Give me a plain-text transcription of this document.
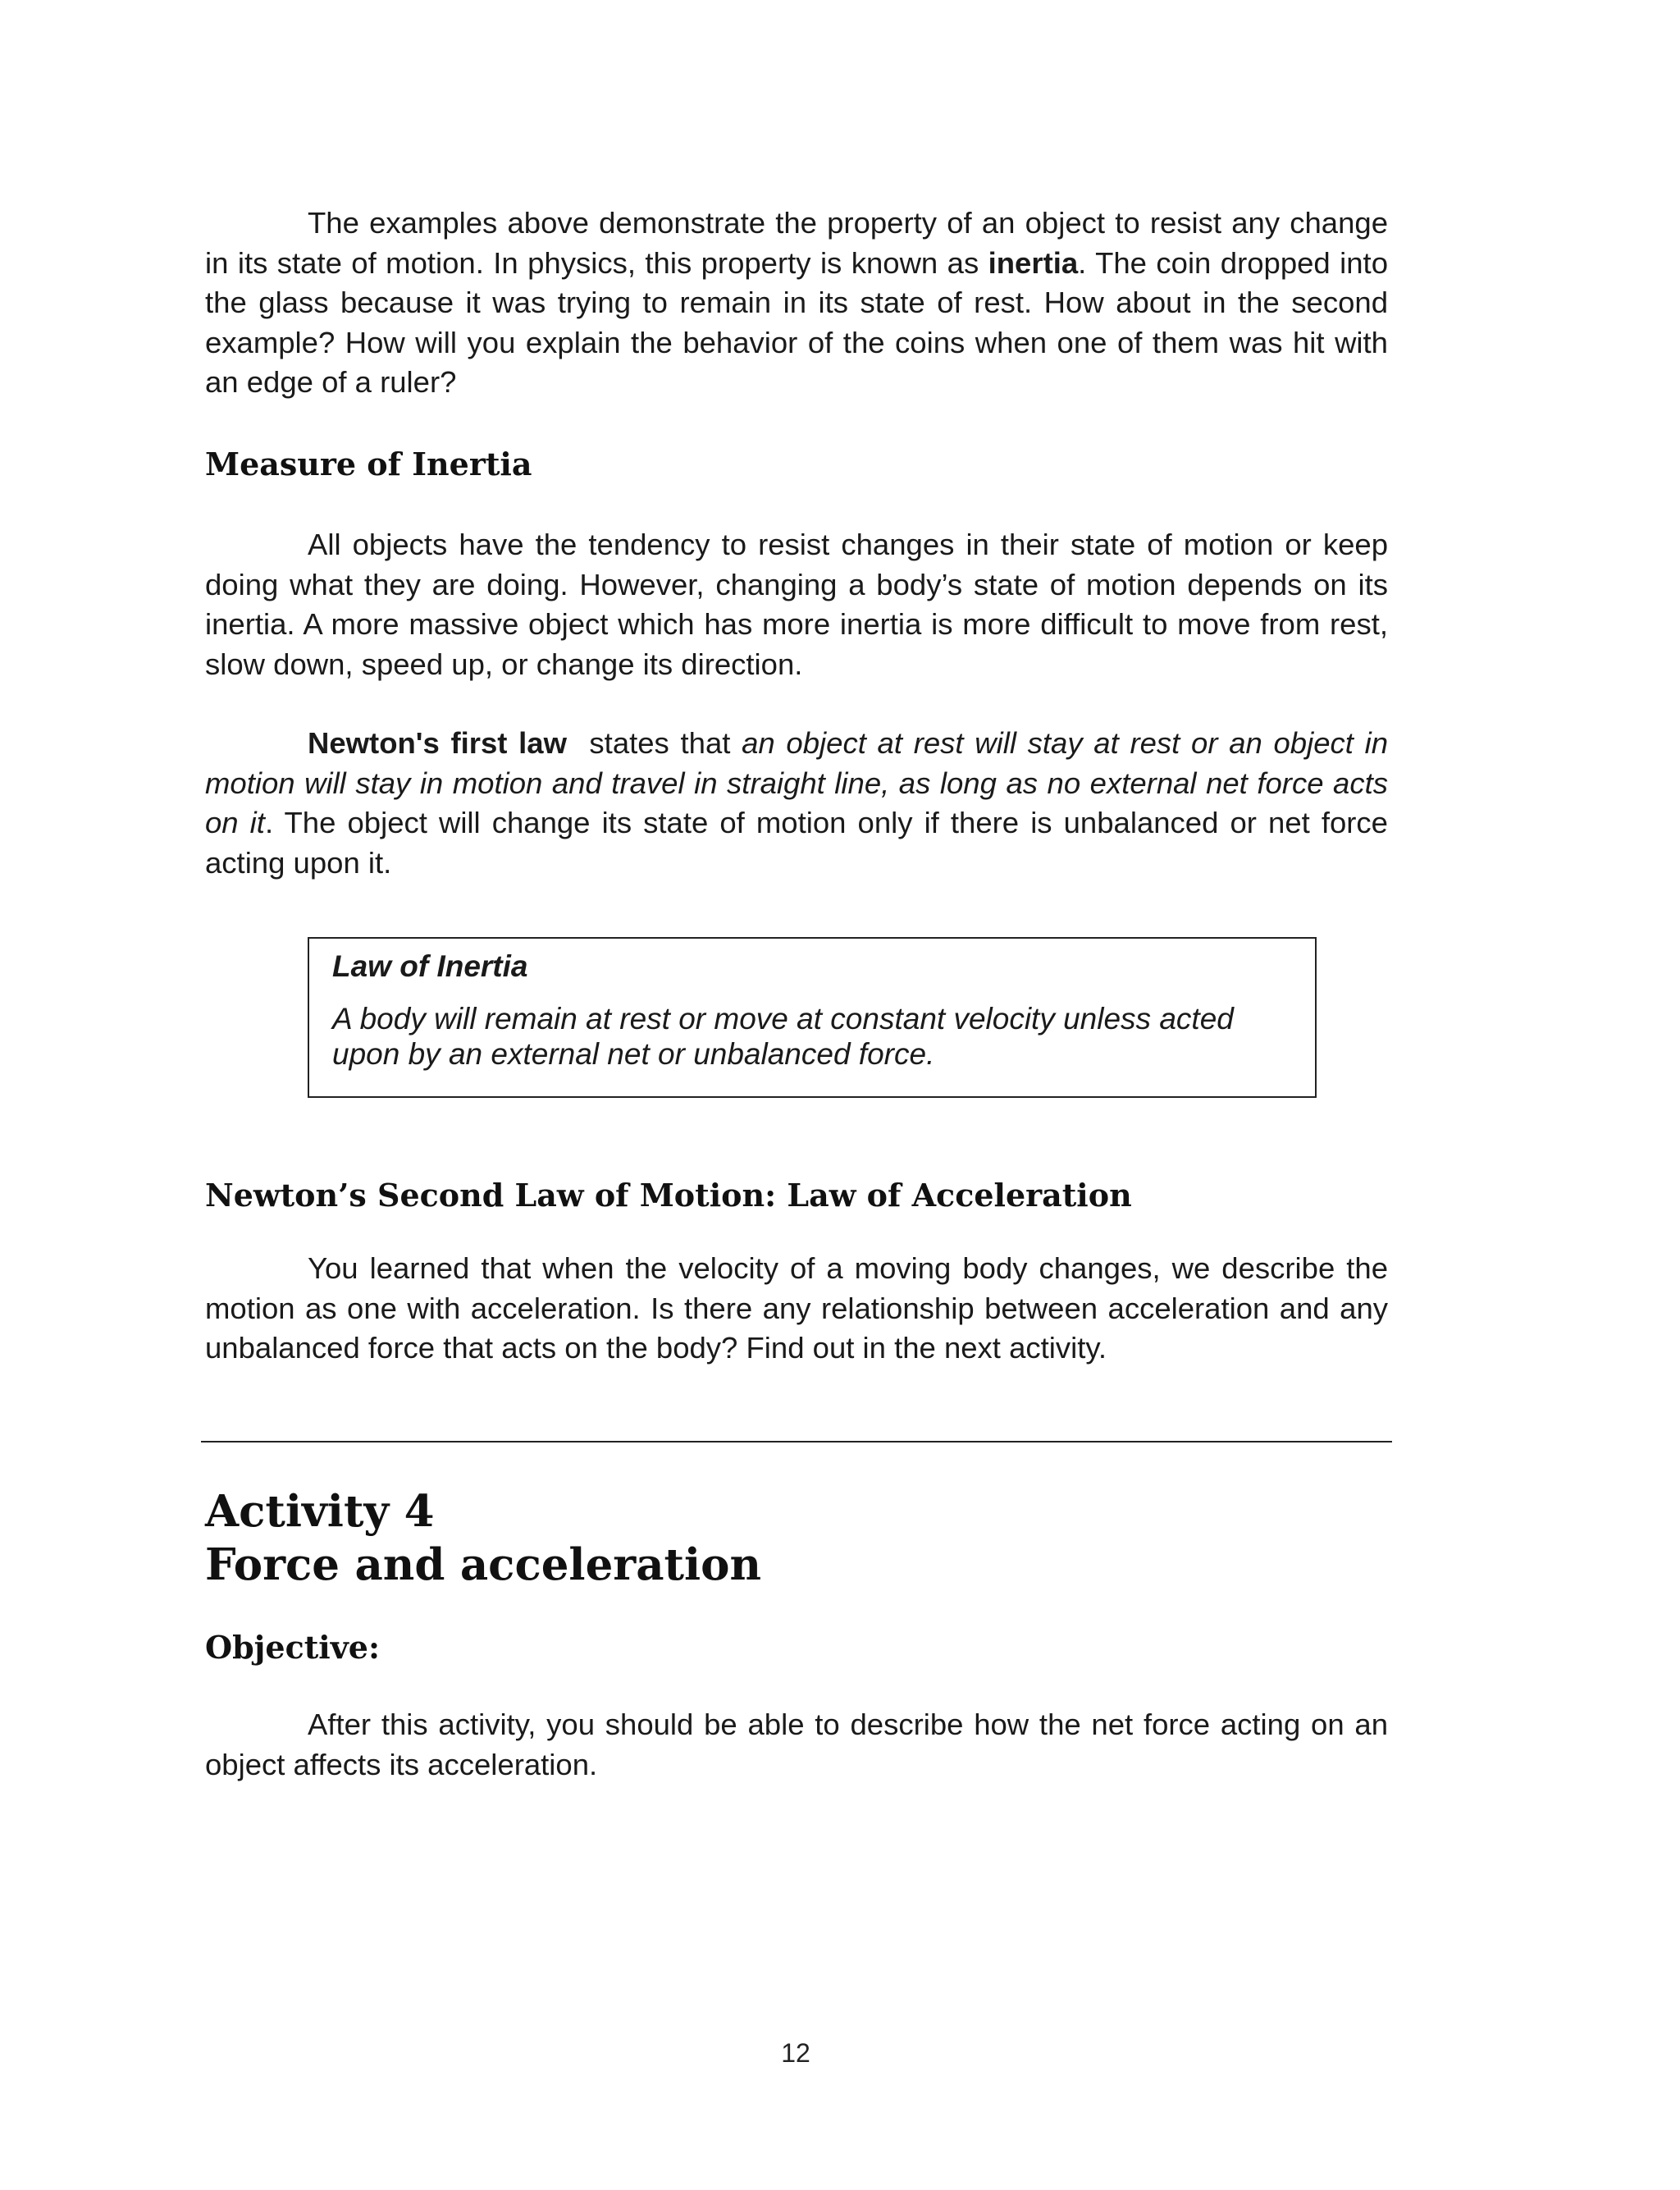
The examples above demonstrate the property of an object to resist any change in its state of motion. In physics, this property is known as inertia. The coin dropped into the glass because it was trying to remain in its state of rest. How about in the second example? How will you explain the behavior of the coins when one of them was hit with an edge of a ruler?

Measure of Inertia

All objects have the tendency to resist changes in their state of motion or keep doing what they are doing. However, changing a body’s state of motion depends on its inertia. A more massive object which has more inertia is more difficult to move from rest, slow down, speed up, or change its direction.

Newton's first law  states that an object at rest will stay at rest or an object in motion will stay in motion and travel in straight line, as long as no external net force acts on it. The object will change its state of motion only if there is unbalanced or net force acting upon it.

Law of Inertia
A body will remain at rest or move at constant velocity unless acted upon by an external net or unbalanced force.
Newton’s Second Law of Motion: Law of Acceleration

You learned that when the velocity of a moving body changes, we describe the motion as one with acceleration. Is there any relationship between acceleration and any unbalanced force that acts on the body? Find out in the next activity.

Activity 4
Force and acceleration
Objective:

After this activity, you should be able to describe how the net force acting on an object affects its acceleration.

12
